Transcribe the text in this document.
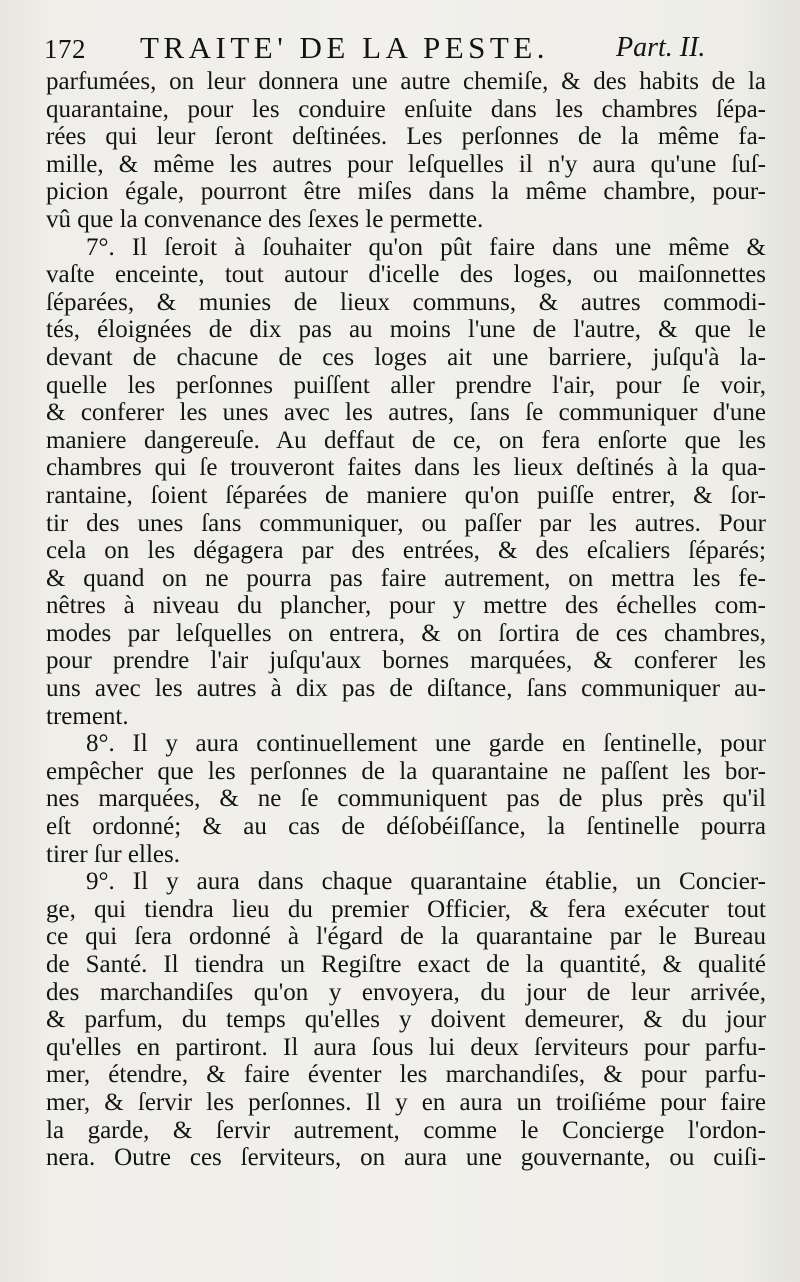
172 TRAITE' DE LA PESTE. Part. II.
parfumées, on leur donnera une autre chemiſe, & des habits de la
quarantaine, pour les conduire enſuite dans les chambres ſépa-
rées qui leur ſeront deſtinées. Les perſonnes de la même fa-
mille, & même les autres pour leſquelles il n'y aura qu'une ſuſ-
picion égale, pourront être miſes dans la même chambre, pour-
vû que la convenance des ſexes le permette.
7°. Il ſeroit à ſouhaiter qu'on pût faire dans une même &
vaſte enceinte, tout autour d'icelle des loges, ou maiſonnettes
ſéparées, & munies de lieux communs, & autres commodi-
tés, éloignées de dix pas au moins l'une de l'autre, & que le
devant de chacune de ces loges ait une barriere, juſqu'à la-
quelle les perſonnes puiſſent aller prendre l'air, pour ſe voir,
& conferer les unes avec les autres, ſans ſe communiquer d'une
maniere dangereuſe. Au deffaut de ce, on fera enſorte que les
chambres qui ſe trouveront faites dans les lieux deſtinés à la qua-
rantaine, ſoient ſéparées de maniere qu'on puiſſe entrer, & ſor-
tir des unes ſans communiquer, ou paſſer par les autres. Pour
cela on les dégagera par des entrées, & des eſcaliers ſéparés;
& quand on ne pourra pas faire autrement, on mettra les fe-
nêtres à niveau du plancher, pour y mettre des échelles com-
modes par leſquelles on entrera, & on ſortira de ces chambres,
pour prendre l'air juſqu'aux bornes marquées, & conferer les
uns avec les autres à dix pas de diſtance, ſans communiquer au-
trement.
8°. Il y aura continuellement une garde en ſentinelle, pour
empêcher que les perſonnes de la quarantaine ne paſſent les bor-
nes marquées, & ne ſe communiquent pas de plus près qu'il
eſt ordonné; & au cas de déſobéiſſance, la ſentinelle pourra
tirer ſur elles.
9°. Il y aura dans chaque quarantaine établie, un Concier-
ge, qui tiendra lieu du premier Officier, & fera exécuter tout
ce qui ſera ordonné à l'égard de la quarantaine par le Bureau
de Santé. Il tiendra un Regiſtre exact de la quantité, & qualité
des marchandiſes qu'on y envoyera, du jour de leur arrivée,
& parfum, du temps qu'elles y doivent demeurer, & du jour
qu'elles en partiront. Il aura ſous lui deux ſerviteurs pour parfu-
mer, étendre, & faire éventer les marchandiſes, & pour parfu-
mer, & ſervir les perſonnes. Il y en aura un troiſiéme pour faire
la garde, & ſervir autrement, comme le Concierge l'ordon-
nera. Outre ces ſerviteurs, on aura une gouvernante, ou cuiſi-
